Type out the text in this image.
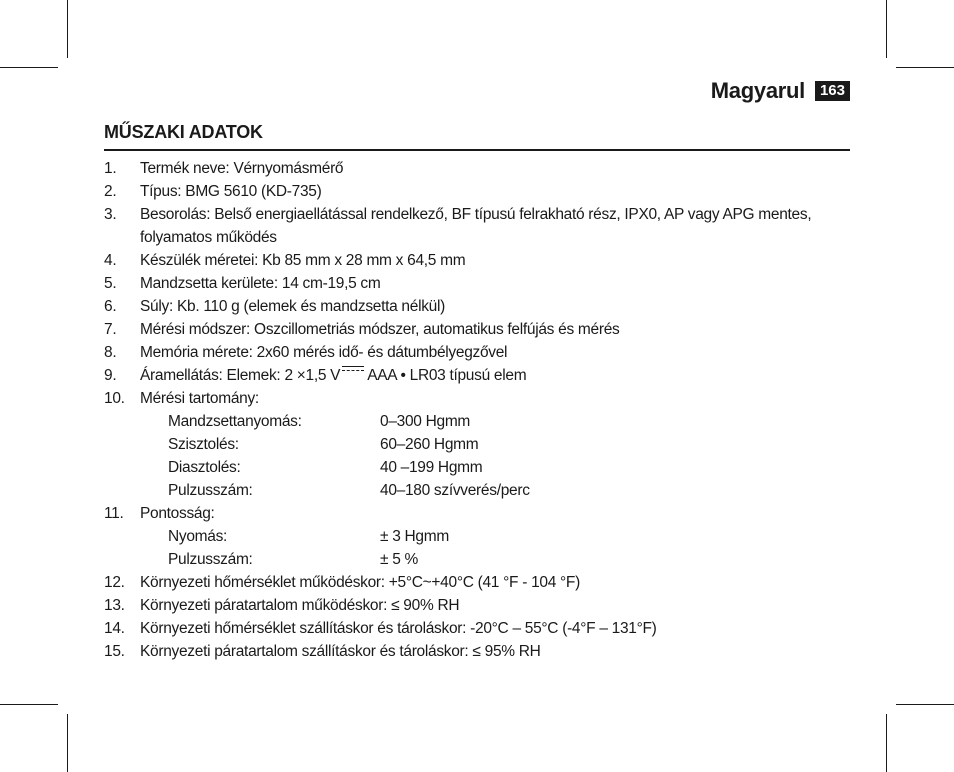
Magyarul	163
MŰSZAKI ADATOK
1. Termék neve: Vérnyomásmérő
2. Típus: BMG 5610 (KD-735)
3. Besorolás: Belső energiaellátással rendelkező, BF típusú felrakható rész, IPX0, AP vagy APG mentes, folyamatos működés
4. Készülék méretei: Kb 85 mm x 28 mm x 64,5 mm
5. Mandzsetta kerülete: 14 cm-19,5 cm
6. Súly: Kb. 110 g (elemek és mandzsetta nélkül)
7. Mérési módszer: Oszcillometriás módszer, automatikus felfújás és mérés
8. Memória mérete: 2x60 mérés idő- és dátumbélyegzővel
9. Áramellátás: Elemek: 2 ×1,5 V AAA • LR03 típusú elem
10. Mérési tartomány:
Mandzsettanyomás:	0–300 Hgmm
Szisztolés:	60–260 Hgmm
Diasztolés:	40 –199 Hgmm
Pulzusszám:	40–180 szívverés/perc
11. Pontosság:
Nyomás:	± 3 Hgmm
Pulzusszám:	± 5 %
12. Környezeti hőmérséklet működéskor: +5°C~+40°C (41 °F - 104 °F)
13. Környezeti páratartalom működéskor: ≤ 90% RH
14. Környezeti hőmérséklet szállításkor és tároláskor: -20°C – 55°C (-4°F – 131°F)
15. Környezeti páratartalom szállításkor és tároláskor: ≤ 95% RH
